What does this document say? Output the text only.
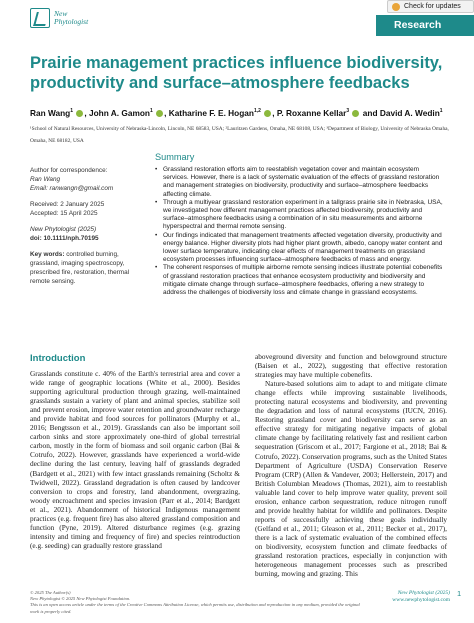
New
Phytologist
Check for updates
Research
Prairie management practices influence biodiversity, productivity and surface–atmosphere feedbacks
Ran Wang$^1$ , John A. Gamon$^1$ , Katharine F. E. Hogan$^{1,2}$ , P. Roxanne Kellar$^3$  and David A. Wedin$^1$
¹School of Natural Resources, University of Nebraska-Lincoln, Lincoln, NE 68583, USA; ²Lauritzen Gardens, Omaha, NE 68108, USA; ³Department of Biology, University of Nebraska Omaha, Omaha, NE 68182, USA

Author for correspondence:
Ran Wang
Email: ranwangn@gmail.com

Received: 2 January 2025
Accepted: 15 April 2025

New Phytologist (2025)
doi: 10.1111/nph.70195

Key words: controlled burning, grassland, imaging spectroscopy, prescribed fire, restoration, thermal remote sensing.

Summary
• Grassland restoration efforts aim to reestablish vegetation cover and maintain ecosystem services. However, there is a lack of systematic evaluation of the effects of grassland restoration and management strategies on biodiversity, productivity and surface–atmosphere feedbacks affecting climate.
• Through a multiyear grassland restoration experiment in a tallgrass prairie site in Nebraska, USA, we investigated how different management practices affected biodiversity, productivity and surface–atmosphere feedbacks using a combination of in situ measurements and airborne hyperspectral and thermal remote sensing.
• Our findings indicated that management treatments affected vegetation diversity, productivity and energy balance. Higher diversity plots had higher plant growth, albedo, canopy water content and lower surface temperature, indicating clear effects of management treatments on grassland ecosystem processes influencing surface–atmosphere feedbacks of mass and energy.
• The coherent responses of multiple airborne remote sensing indices illustrate potential cobenefits of grassland restoration practices that enhance ecosystem productivity and biodiversity and mitigate climate change through surface–atmosphere feedbacks, offering a new strategy to address the challenges of biodiversity loss and climate change in grassland ecosystems.
Introduction
Grasslands constitute c. 40% of the Earth's terrestrial area and cover a wide range of geographic locations (White et al., 2000). Besides supporting agricultural production through grazing, well-maintained grasslands sustain a variety of plant and animal species, stabilize soil and prevent erosion, improve water retention and groundwater recharge and provide habitat and food sources for pollinators (Murphy et al., 2016; Bengtsson et al., 2019). Grasslands can also be important soil carbon sinks and store approximately one-third of global terrestrial carbon, mostly in the form of biomass and soil organic carbon (Bai & Cotrufo, 2022). However, grasslands have experienced a world-wide decline during the last century, leaving half of grasslands degraded (Bardgett et al., 2021) with few intact grasslands remaining (Scholtz & Twidwell, 2022). Grassland degradation is often caused by landcover conversion to crops and forestry, land abandonment, overgrazing, woody encroachment and species invasion (Parr et al., 2014; Bardgett et al., 2021). Abandonment of historical Indigenous management practices (e.g. frequent fire) has also altered grassland composition and function (Pyne, 2019). Altered disturbance regimes (e.g. grazing intensity and timing and frequency of fire) and species reintroduction (e.g. seeding) can gradually restore grassland

aboveground diversity and function and belowground structure (Baisen et al., 2022), suggesting that effective restoration strategies may have multiple cobenefits.

Nature-based solutions aim to adapt to and mitigate climate change effects while improving sustainable livelihoods, protecting natural ecosystems and biodiversity, and preventing the degradation and loss of natural ecosystems (IUCN, 2016). Restoring grassland cover and biodiversity can serve as an effective strategy for mitigating negative impacts of global climate change by facilitating relatively fast and resilient carbon sequestration (Griscom et al., 2017; Fargione et al., 2018; Bai & Cotrufo, 2022). Conservation programs, such as the United States Department of Agriculture (USDA) Conservation Reserve Program (CRP) (Allen & Vandever, 2003; Hellerstein, 2017) and British Columbian Meadows (Thomas, 2021), aim to reestablish valuable land cover to help improve water quality, prevent soil erosion, enhance carbon sequestration, reduce nitrogen runoff and provide healthy habitat for wildlife and pollinators. Despite reports of successfully achieving these goals individually (Gelfand et al., 2011; Gleason et al., 2011; Becker et al., 2017), there is a lack of systematic evaluation of the combined effects on biodiversity, ecosystem function and climate feedbacks of grassland restoration practices, especially in conjunction with heterogeneous management processes such as prescribed burning, mowing and grazing. This

© 2025 The Author(s)
New Phytologist © 2025 New Phytologist Foundation.
This is an open access article under the terms of the Creative Commons Attribution License, which permits use, distribution and reproduction in any medium, provided the original work is properly cited.
New Phytologist (2025)
www.newphytologist.com
1
